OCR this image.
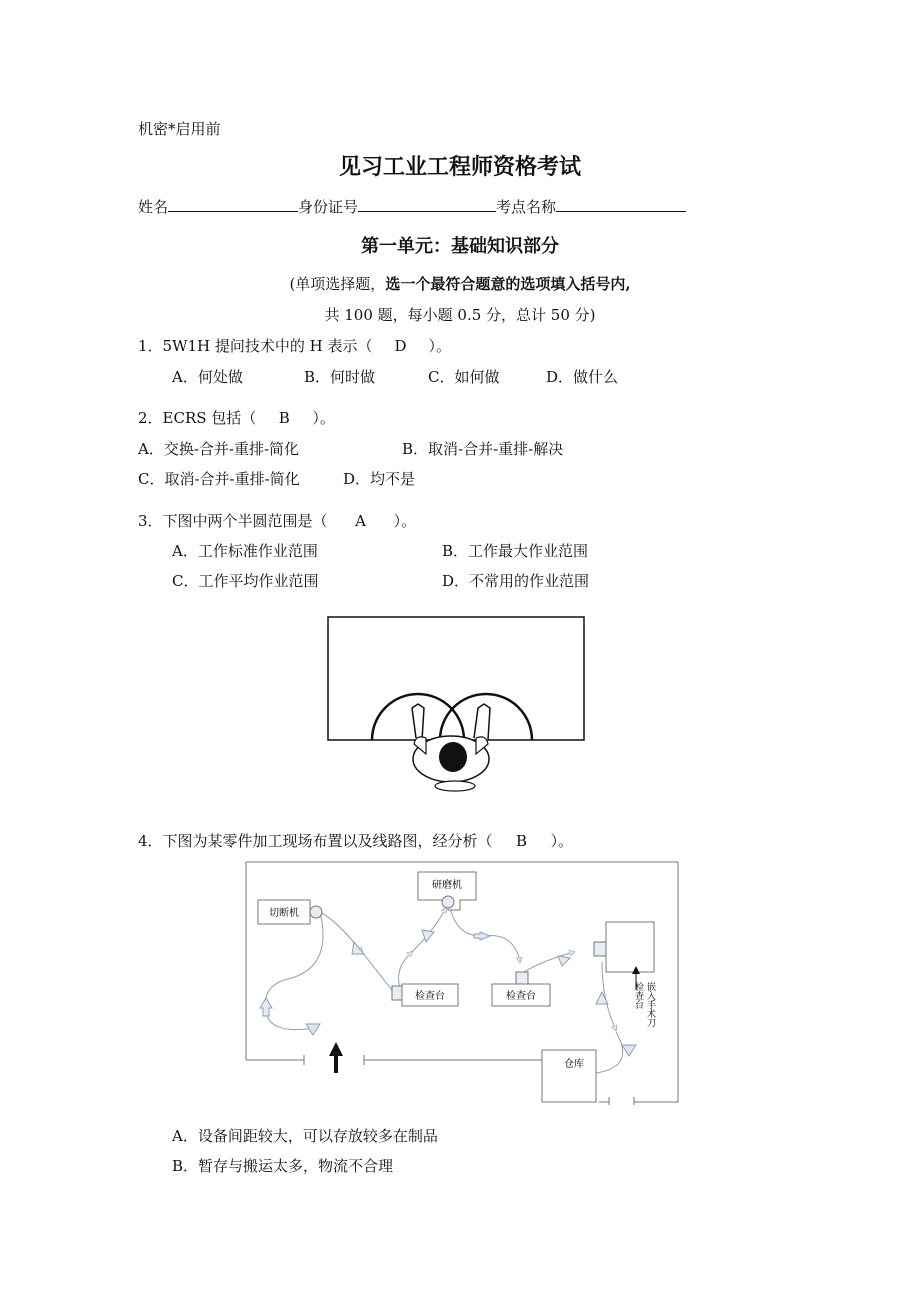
机密*启用前
见习工业工程师资格考试
姓名	身份证号	考点名称
第一单元：基础知识部分
(单项选择题，选一个最符合题意的选项填入括号内,
共 100 题，每小题 0.5 分，总计 50 分)
1．5W1H 提问技术中的 H 表示（ D ）。
A．何处做	B．何时做	C．如何做	D．做什么
2．ECRS 包括（ B ）。
A．交换-合并-重排-简化	B．取消-合并-重排-解决
C．取消-合并-重排-简化	D．均不是
3．下图中两个半圆范围是（ A ）。
A．工作标准作业范围	B．工作最大作业范围
C．工作平均作业范围	D．不常用的作业范围
4．下图为某零件加工现场布置以及线路图，经分析（ B ）。
切断机
研磨机
检查台	检查台	检查台 嵌入手术刀
仓库
A．设备间距较大，可以存放较多在制品
B．暂存与搬运太多，物流不合理
